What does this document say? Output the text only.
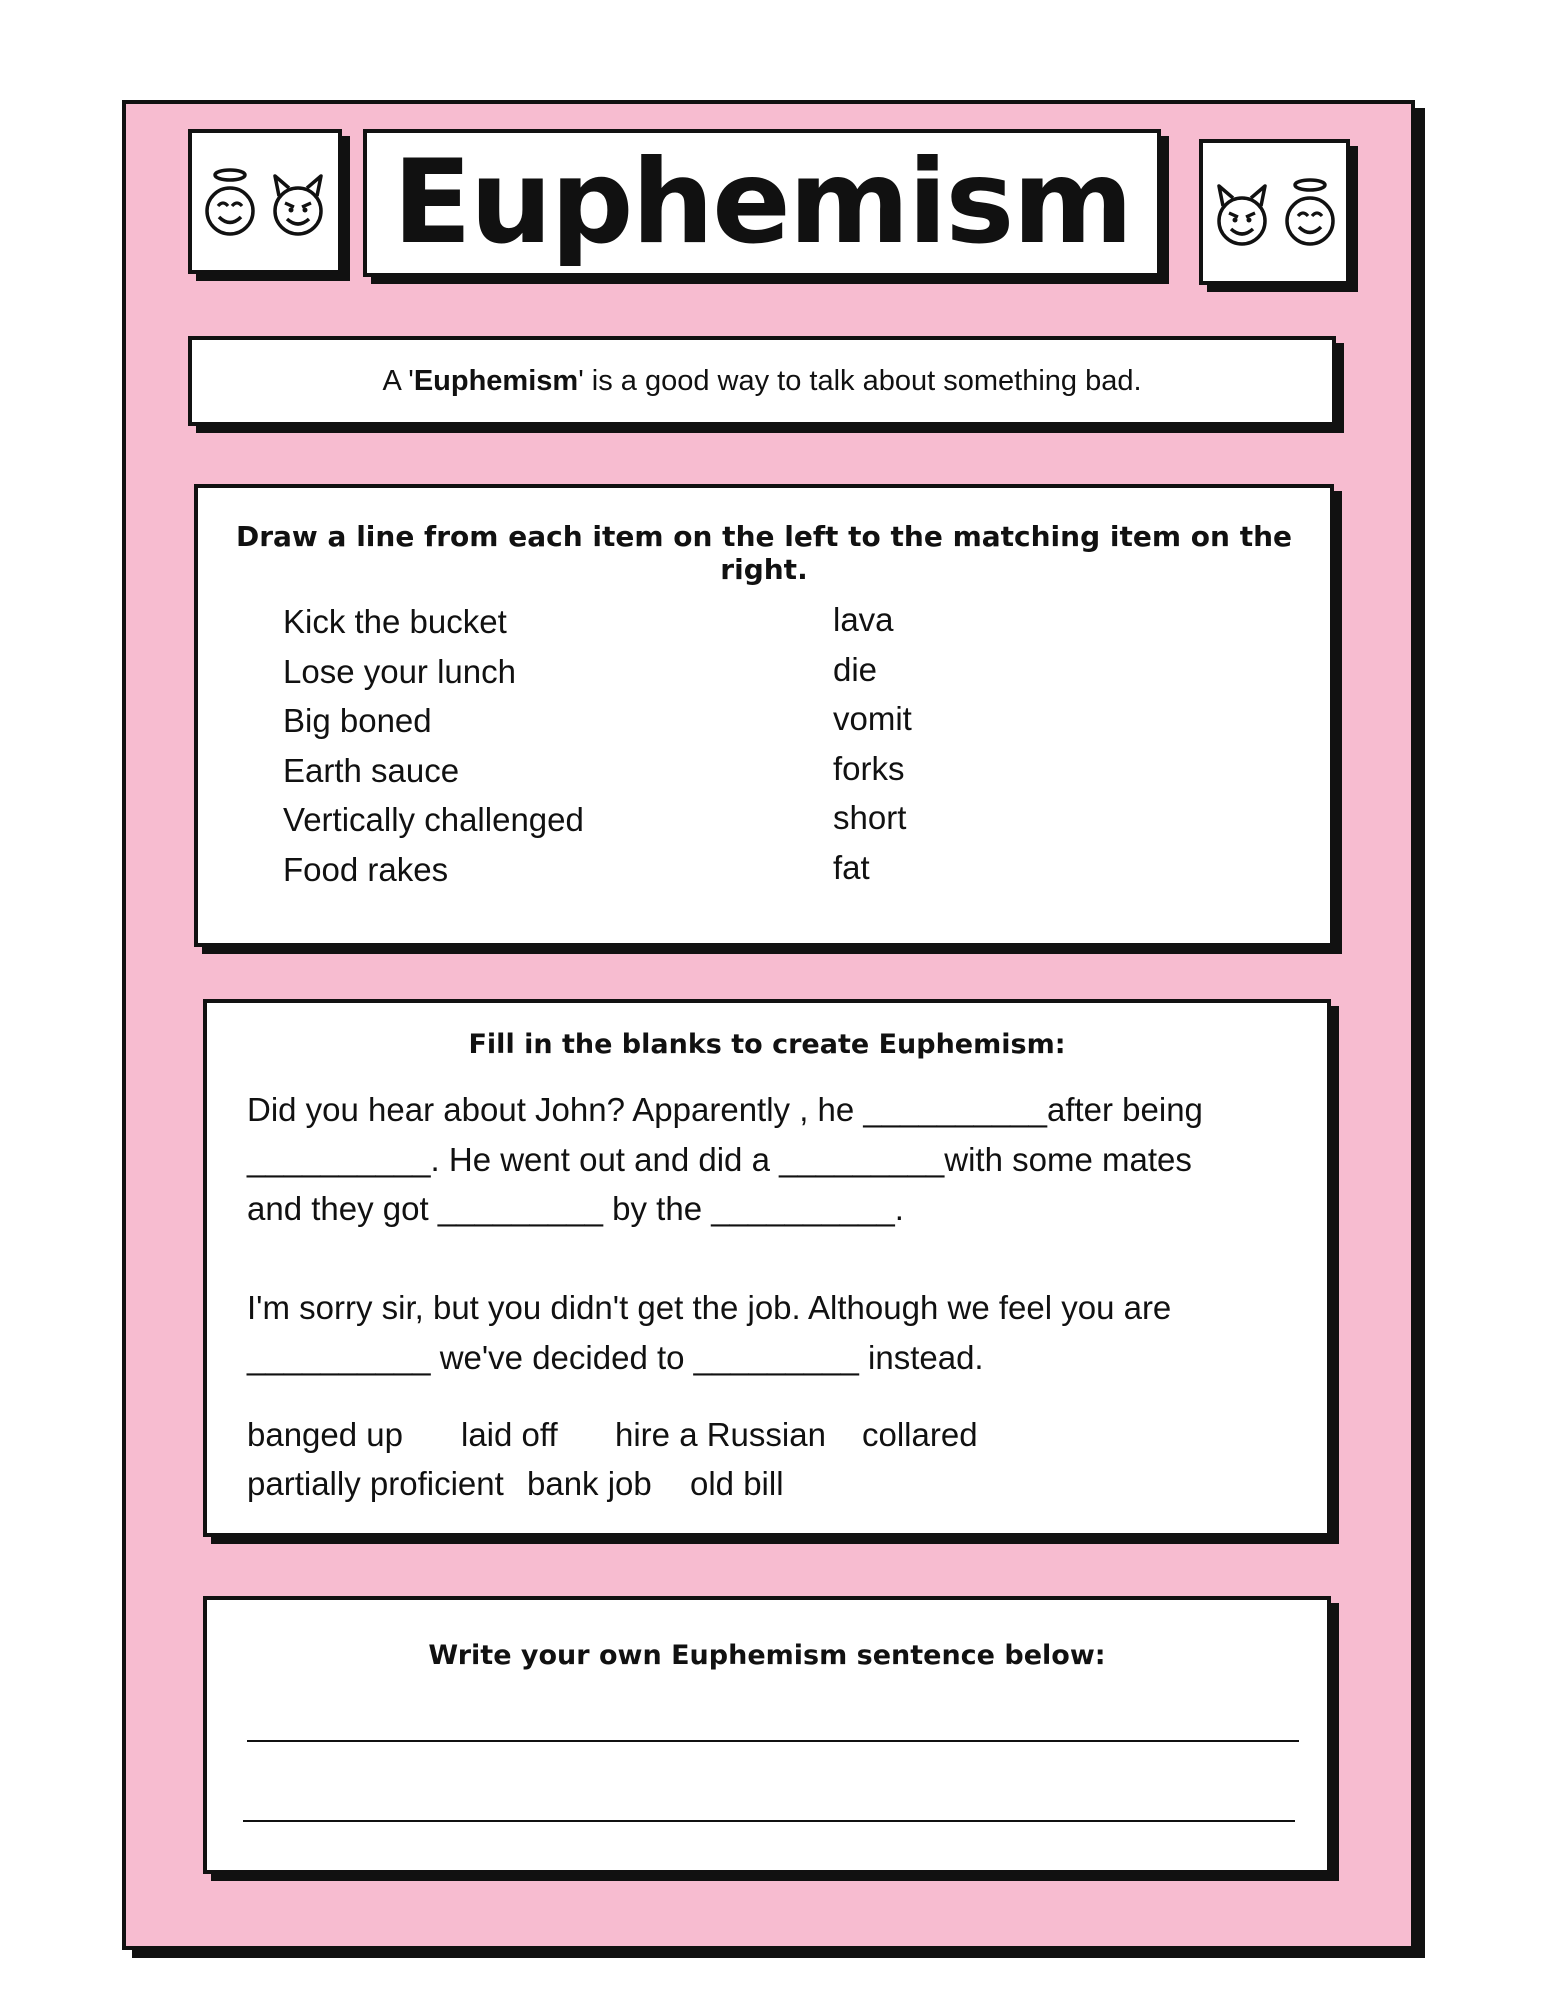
Euphemism
A ' Euphemism ' is a good way to talk about something bad.
Draw a line from each item on the left to the matching item on the right.
Kick the bucket
Lose your lunch
Big boned
Earth sauce
Vertically challenged
Food rakes
lava
die
vomit
forks
short
fat
Fill in the blanks to create Euphemism:
Did you hear about John? Apparently , he __________after being
__________. He went out and did a _________with some mates
and they got _________ by the __________.
I'm sorry sir, but you didn't get the job. Although we feel you are
__________ we've decided to _________ instead.
banged up laid off hire a Russian collared
partially proficient bank job old bill
Write your own Euphemism sentence below:
